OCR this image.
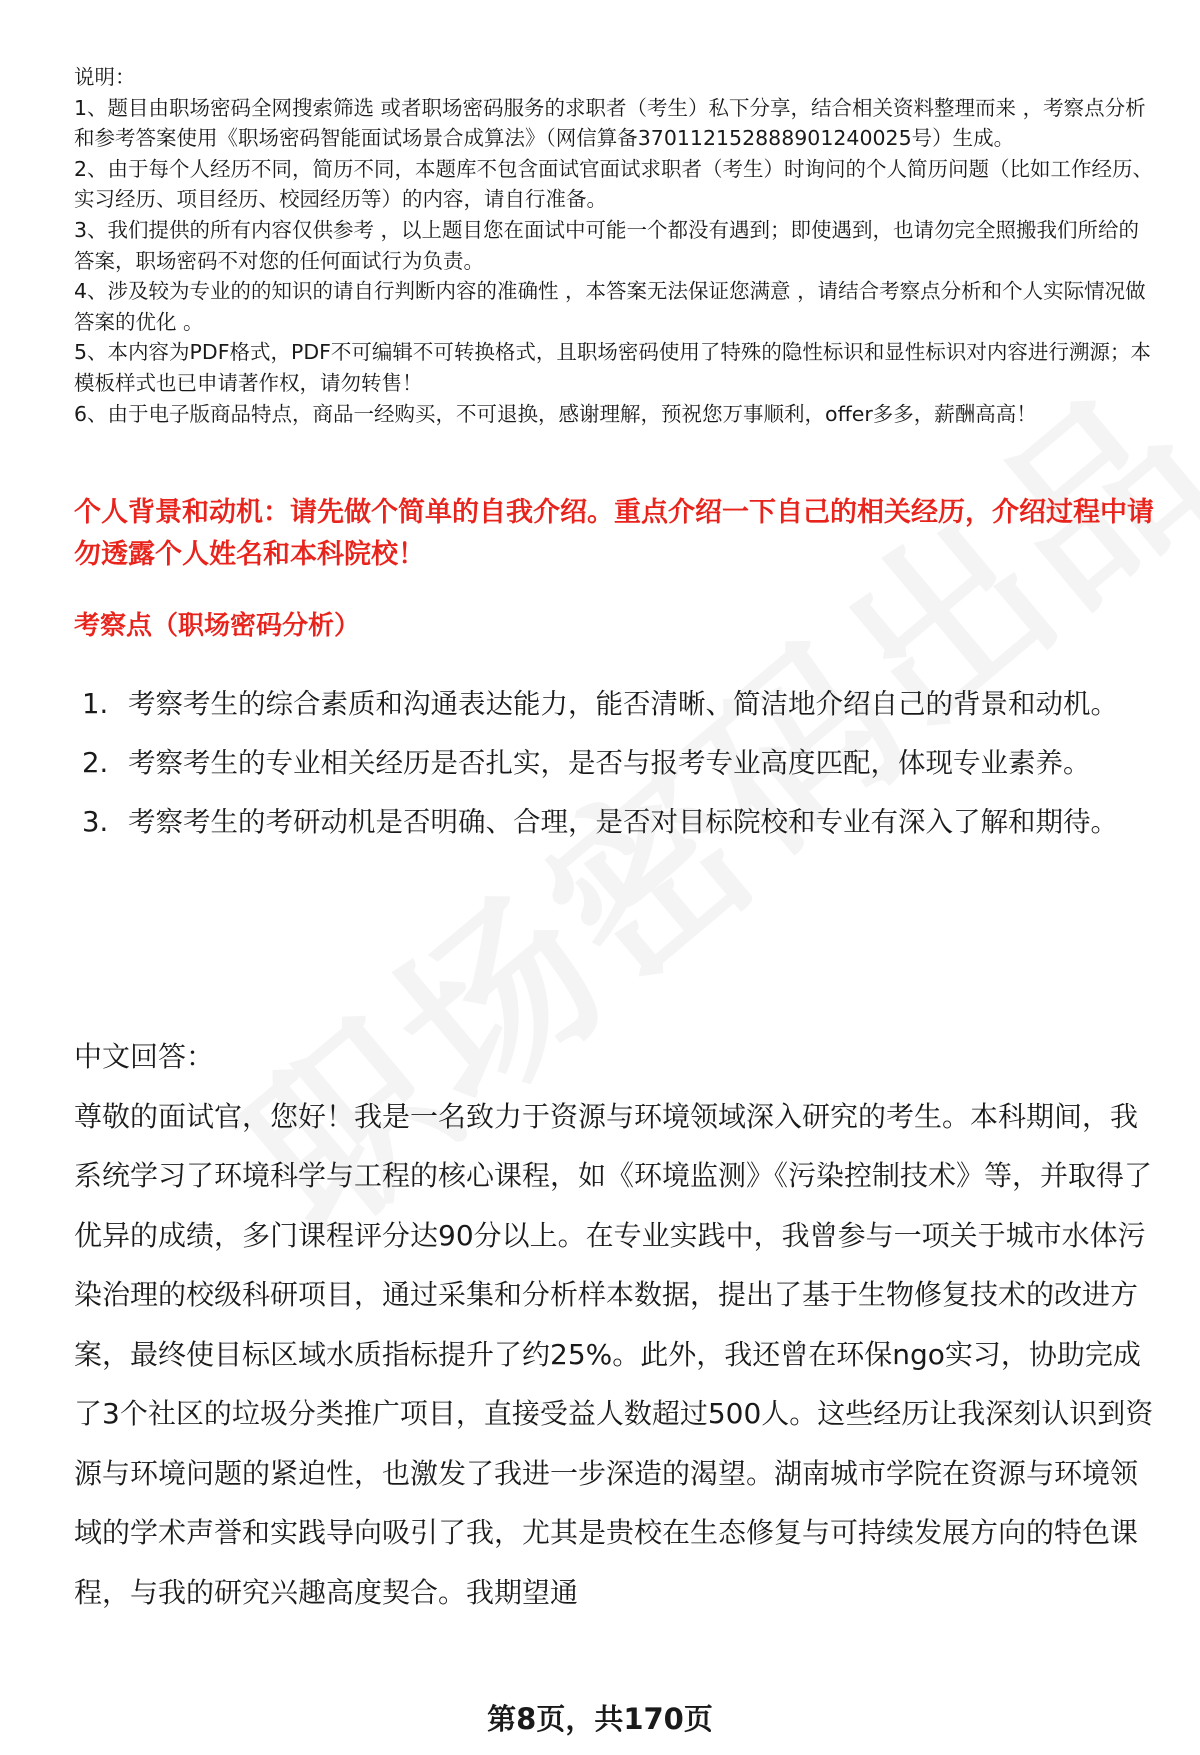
说明：

1、题目由职场密码全网搜索筛选 或者职场密码服务的求职者（考生）私下分享，结合相关资料整理而来 ，考察点分析和参考答案使用《职场密码智能面试场景合成算法》（网信算备370112152888901240025号）生成。

2、由于每个人经历不同，简历不同，本题库不包含面试官面试求职者（考生）时询问的个人简历问题（比如工作经历、实习经历、项目经历、校园经历等）的内容，请自行准备。

3、我们提供的所有内容仅供参考 ，以上题目您在面试中可能一个都没有遇到；即使遇到，也请勿完全照搬我们所给的答案，职场密码不对您的任何面试行为负责。

4、涉及较为专业的的知识的请自行判断内容的准确性 ，本答案无法保证您满意 ，请结合考察点分析和个人实际情况做答案的优化 。

5、本内容为PDF格式，PDF不可编辑不可转换格式，且职场密码使用了特殊的隐性标识和显性标识对内容进行溯源；本模板样式也已申请著作权，请勿转售！

6、由于电子版商品特点，商品一经购买，不可退换，感谢理解，预祝您万事顺利，offer多多，薪酬高高！

个人背景和动机：请先做个简单的自我介绍。重点介绍一下自己的相关经历，介绍过程中请勿透露个人姓名和本科院校！

考察点（职场密码分析）

1. 考察考生的综合素质和沟通表达能力，能否清晰、简洁地介绍自己的背景和动机。
2. 考察考生的专业相关经历是否扎实，是否与报考专业高度匹配，体现专业素养。
3. 考察考生的考研动机是否明确、合理，是否对目标院校和专业有深入了解和期待。
中文回答：
尊敬的面试官，您好！我是一名致力于资源与环境领域深入研究的考生。本科期间，我系统学习了环境科学与工程的核心课程，如《环境监测》《污染控制技术》等，并取得了优异的成绩，多门课程评分达90分以上。在专业实践中，我曾参与一项关于城市水体污染治理的校级科研项目，通过采集和分析样本数据，提出了基于生物修复技术的改进方案，最终使目标区域水质指标提升了约25%。此外，我还曾在环保ngo实习，协助完成了3个社区的垃圾分类推广项目，直接受益人数超过500人。这些经历让我深刻认识到资源与环境问题的紧迫性，也激发了我进一步深造的渴望。湖南城市学院在资源与环境领域的学术声誉和实践导向吸引了我，尤其是贵校在生态修复与可持续发展方向的特色课程，与我的研究兴趣高度契合。我期望通
第8页，共170页
